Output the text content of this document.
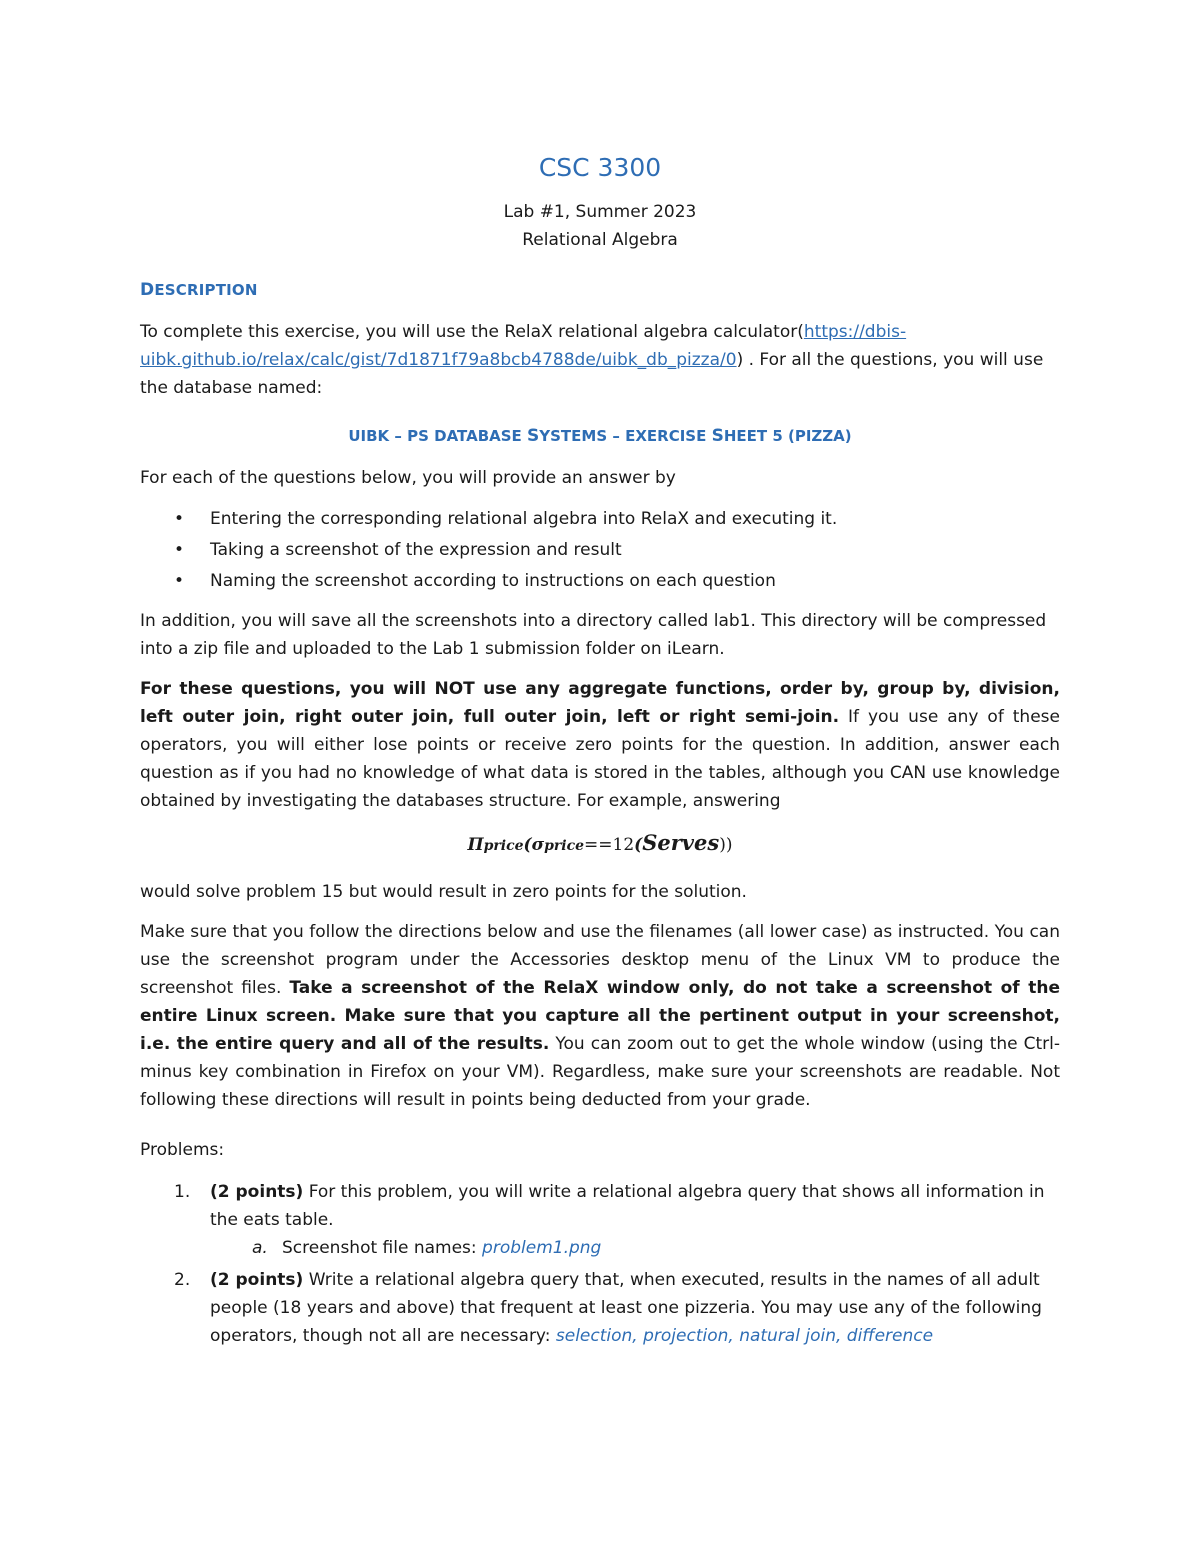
CSC 3300
Lab #1, Summer 2023
Relational Algebra
DESCRIPTION

To complete this exercise, you will use the RelaX relational algebra calculator(https://dbis-
uibk.github.io/relax/calc/gist/7d1871f79a8bcb4788de/uibk_db_pizza/0) . For all the questions, you will use the database named:

UIBK – PS DATABASE SYSTEMS – EXERCISE SHEET 5 (PIZZA)

For each of the questions below, you will provide an answer by

• Entering the corresponding relational algebra into RelaX and executing it.
• Taking a screenshot of the expression and result
• Naming the screenshot according to instructions on each question

In addition, you will save all the screenshots into a directory called lab1. This directory will be compressed into a zip file and uploaded to the Lab 1 submission folder on iLearn.

For these questions, you will NOT use any aggregate functions, order by, group by, division, left outer join, right outer join, full outer join, left or right semi-join. If you use any of these operators, you will either lose points or receive zero points for the question. In addition, answer each question as if you had no knowledge of what data is stored in the tables, although you CAN use knowledge obtained by investigating the databases structure. For example, answering

Πprice(σprice==12(Serves))

would solve problem 15 but would result in zero points for the solution.

Make sure that you follow the directions below and use the filenames (all lower case) as instructed. You can use the screenshot program under the Accessories desktop menu of the Linux VM to produce the screenshot files. Take a screenshot of the RelaX window only, do not take a screenshot of the entire Linux screen. Make sure that you capture all the pertinent output in your screenshot, i.e. the entire query and all of the results. You can zoom out to get the whole window (using the Ctrl-minus key combination in Firefox on your VM). Regardless, make sure your screenshots are readable. Not following these directions will result in points being deducted from your grade.

Problems:

1. (2 points) For this problem, you will write a relational algebra query that shows all information in the eats table.
a. Screenshot file names: problem1.png
2. (2 points) Write a relational algebra query that, when executed, results in the names of all adult people (18 years and above) that frequent at least one pizzeria. You may use any of the following operators, though not all are necessary: selection, projection, natural join, difference
